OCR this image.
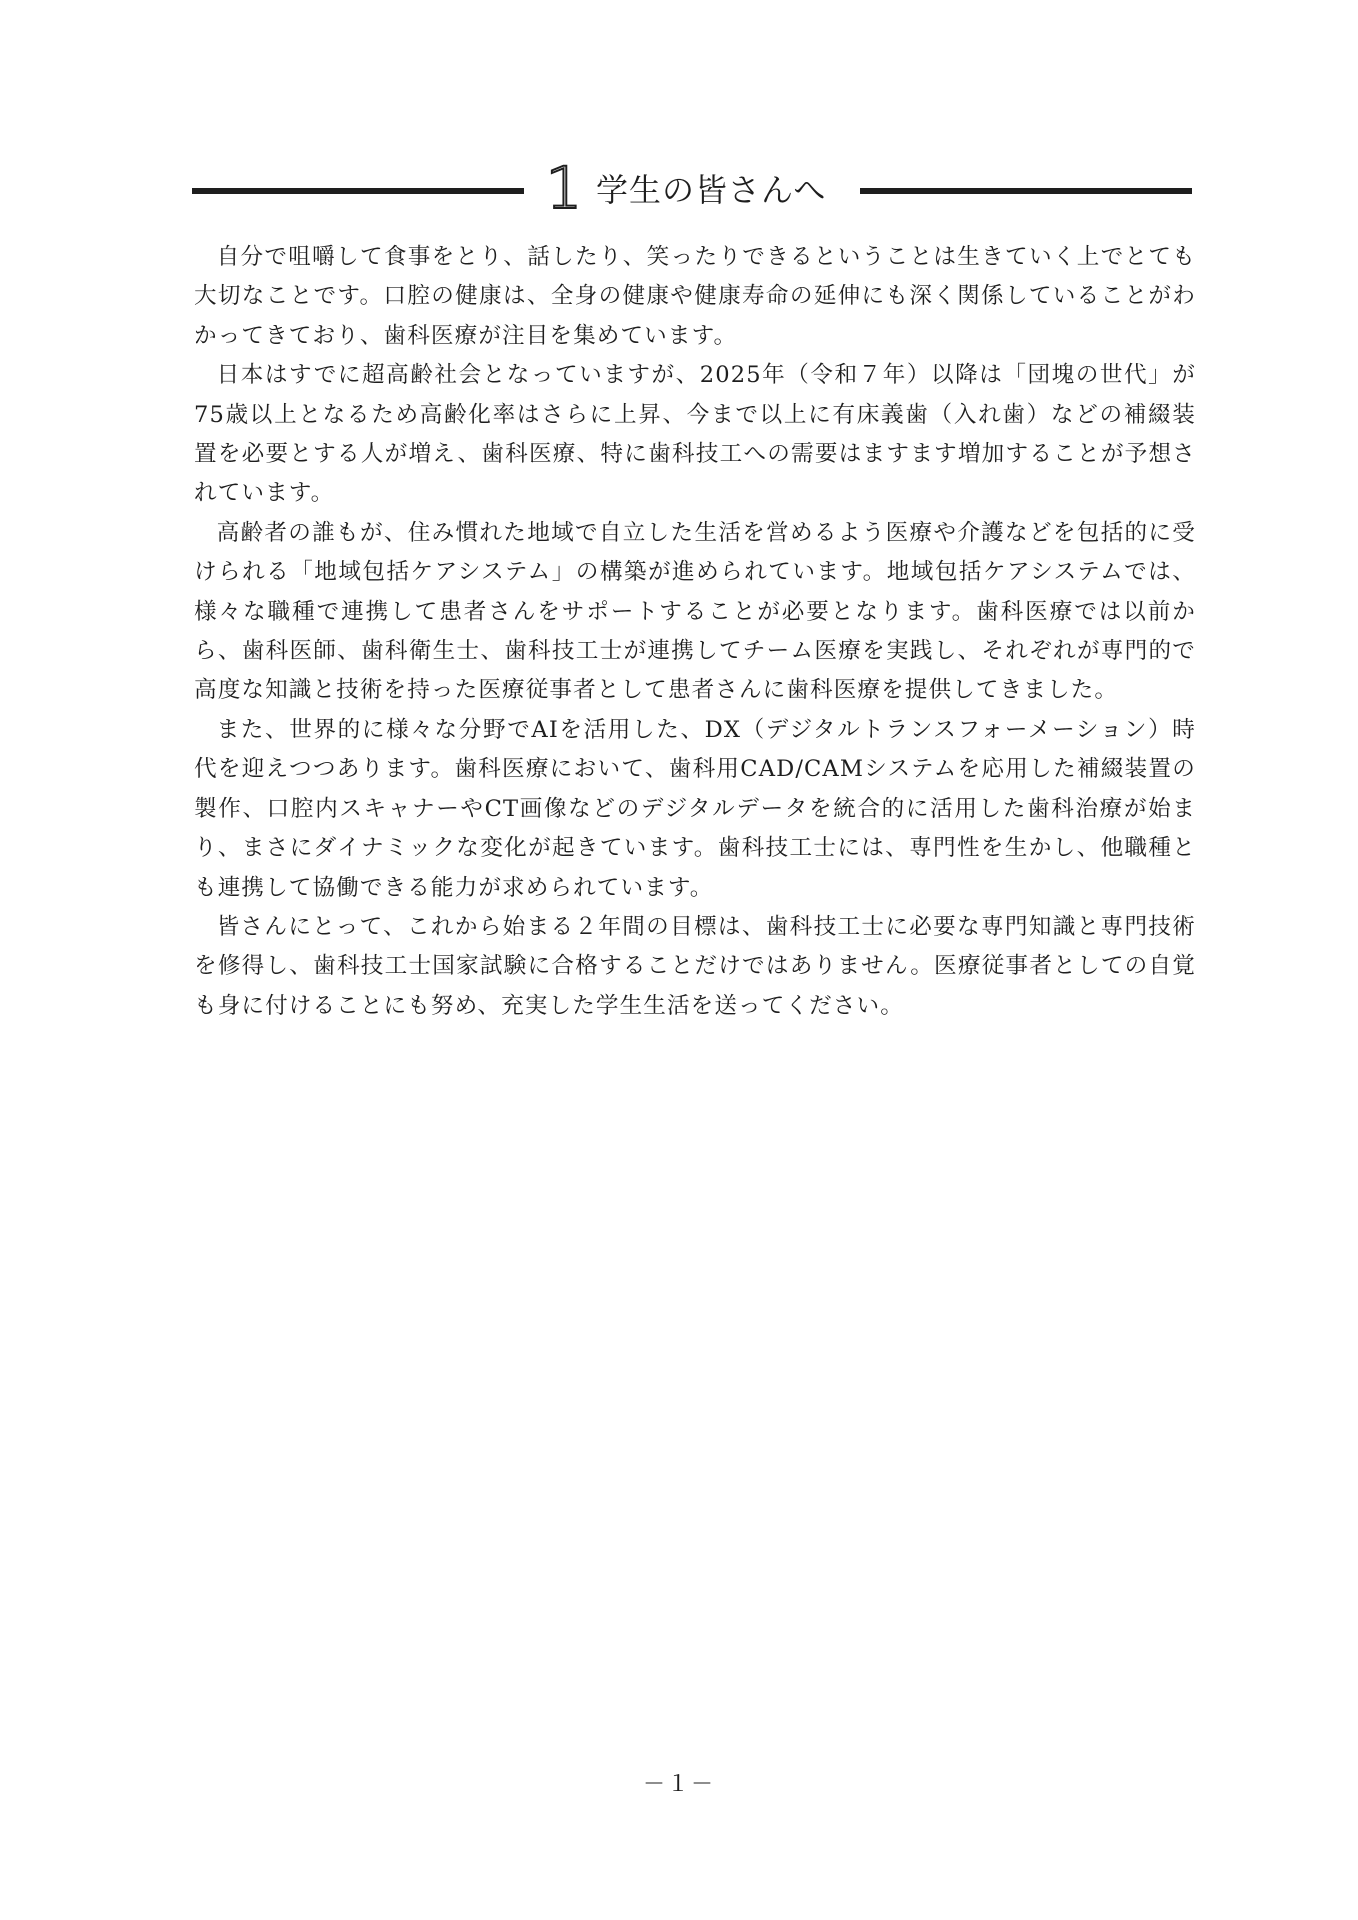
1 学生の皆さんへ

自分で咀嚼して食事をとり、話したり、笑ったりできるということは生きていく上でとても大切なことです。口腔の健康は、全身の健康や健康寿命の延伸にも深く関係していることがわかってきており、歯科医療が注目を集めています。

日本はすでに超高齢社会となっていますが、2025年（令和７年）以降は「団塊の世代」が75歳以上となるため高齢化率はさらに上昇、今まで以上に有床義歯（入れ歯）などの補綴装置を必要とする人が増え、歯科医療、特に歯科技工への需要はますます増加することが予想されています。

高齢者の誰もが、住み慣れた地域で自立した生活を営めるよう医療や介護などを包括的に受けられる「地域包括ケアシステム」の構築が進められています。地域包括ケアシステムでは、様々な職種で連携して患者さんをサポートすることが必要となります。歯科医療では以前から、歯科医師、歯科衛生士、歯科技工士が連携してチーム医療を実践し、それぞれが専門的で高度な知識と技術を持った医療従事者として患者さんに歯科医療を提供してきました。

また、世界的に様々な分野でAIを活用した、DX（デジタルトランスフォーメーション）時代を迎えつつあります。歯科医療において、歯科用CAD/CAMシステムを応用した補綴装置の製作、口腔内スキャナーやCT画像などのデジタルデータを統合的に活用した歯科治療が始まり、まさにダイナミックな変化が起きています。歯科技工士には、専門性を生かし、他職種とも連携して協働できる能力が求められています。

皆さんにとって、これから始まる２年間の目標は、歯科技工士に必要な専門知識と専門技術を修得し、歯科技工士国家試験に合格することだけではありません。医療従事者としての自覚も身に付けることにも努め、充実した学生生活を送ってください。

－１－
